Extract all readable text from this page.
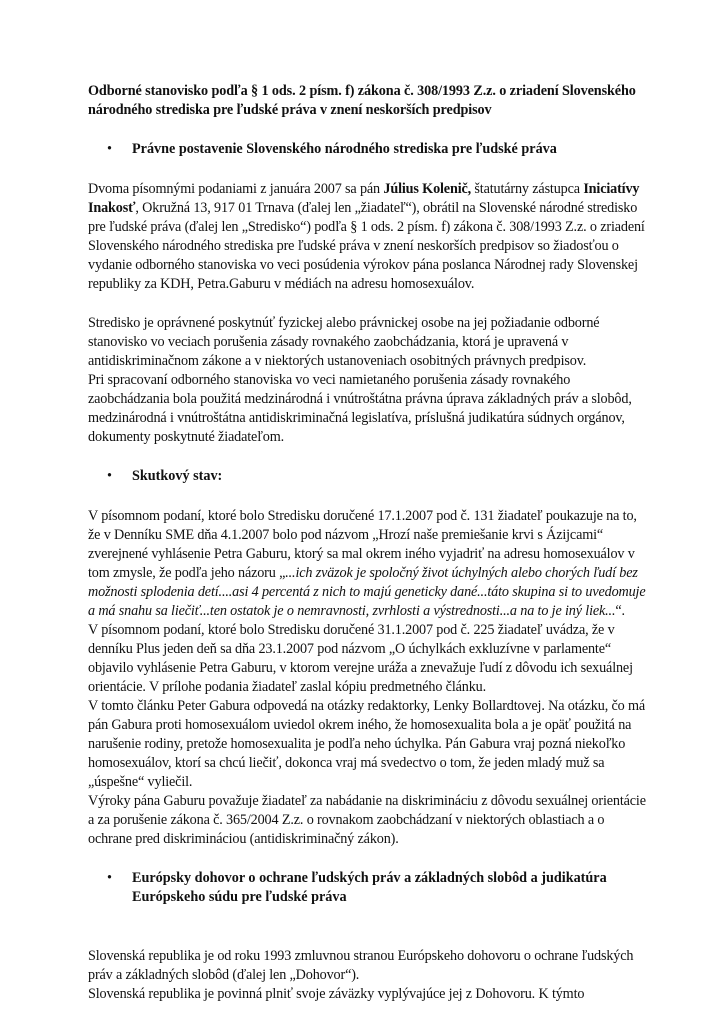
Odborné stanovisko podľa § 1 ods. 2 písm. f) zákona č. 308/1993 Z.z. o zriadení Slovenského národného strediska pre ľudské práva v znení neskorších predpisov

• Právne postavenie Slovenského národného strediska pre ľudské práva

Dvoma písomnými podaniami z januára 2007 sa pán Július Kolenič, štatutárny zástupca Iniciatívy Inakosť, Okružná 13, 917 01 Trnava (ďalej len „žiadateľ“), obrátil na Slovenské národné stredisko pre ľudské práva (ďalej len „Stredisko“) podľa § 1 ods. 2 písm. f) zákona č. 308/1993 Z.z. o zriadení Slovenského národného strediska pre ľudské práva v znení neskorších predpisov so žiadosťou o vydanie odborného stanoviska vo veci posúdenia výrokov pána poslanca Národnej rady Slovenskej republiky za KDH, Petra.Gaburu v médiách na adresu homosexuálov.

Stredisko je oprávnené poskytnúť fyzickej alebo právnickej osobe na jej požiadanie odborné stanovisko vo veciach porušenia zásady rovnakého zaobchádzania, ktorá je upravená v antidiskriminačnom zákone a v niektorých ustanoveniach osobitných právnych predpisov.

Pri spracovaní odborného stanoviska vo veci namietaného porušenia zásady rovnakého zaobchádzania bola použitá medzinárodná i vnútroštátna právna úprava základných práv a slobôd, medzinárodná i vnútroštátna antidiskriminačná legislatíva, príslušná judikatúra súdnych orgánov, dokumenty poskytnuté žiadateľom.

• Skutkový stav:

V písomnom podaní, ktoré bolo Stredisku doručené 17.1.2007 pod č. 131 žiadateľ poukazuje na to, že v Denníku SME dňa 4.1.2007 bolo pod názvom „Hrozí naše premiešanie krvi s Ázijcami“ zverejnené vyhlásenie Petra Gaburu, ktorý sa mal okrem iného vyjadriť na adresu homosexuálov v tom zmysle, že podľa jeho názoru „...ich zväzok je spoločný život úchylných alebo chorých ľudí bez možnosti splodenia detí....asi 4 percentá z nich to majú geneticky dané...táto skupina si to uvedomuje a má snahu sa liečiť...ten ostatok je o nemravnosti, zvrhlosti a výstrednosti...a na to je iný liek...“.

V písomnom podaní, ktoré bolo Stredisku doručené 31.1.2007 pod č. 225 žiadateľ uvádza, že v denníku Plus jeden deň sa dňa 23.1.2007 pod názvom „O úchylkách exkluzívne v parlamente“ objavilo vyhlásenie Petra Gaburu, v ktorom verejne uráža a znevažuje ľudí z dôvodu ich sexuálnej orientácie. V prílohe podania žiadateľ zaslal kópiu predmetného článku.

V tomto článku Peter Gabura odpovedá na otázky redaktorky, Lenky Bollardtovej. Na otázku, čo má pán Gabura proti homosexuálom uviedol okrem iného, že homosexualita bola a je opäť použitá na narušenie rodiny, pretože homosexualita je podľa neho úchylka. Pán Gabura vraj pozná niekoľko homosexuálov, ktorí sa chcú liečiť, dokonca vraj má svedectvo o tom, že jeden mladý muž sa „úspešne“ vyliečil.

Výroky pána Gaburu považuje žiadateľ za nabádanie na diskrimináciu z dôvodu sexuálnej orientácie a za porušenie zákona č. 365/2004 Z.z. o rovnakom zaobchádzaní v niektorých oblastiach a o ochrane pred diskrimináciou (antidiskriminačný zákon).

• Európsky dohovor o ochrane ľudských práv a základných slobôd a judikatúra Európskeho súdu pre ľudské práva

Slovenská republika je od roku 1993 zmluvnou stranou Európskeho dohovoru o ochrane ľudských práv a základných slobôd (ďalej len „Dohovor“).

Slovenská republika je povinná plniť svoje záväzky vyplývajúce jej z Dohovoru. K týmto
